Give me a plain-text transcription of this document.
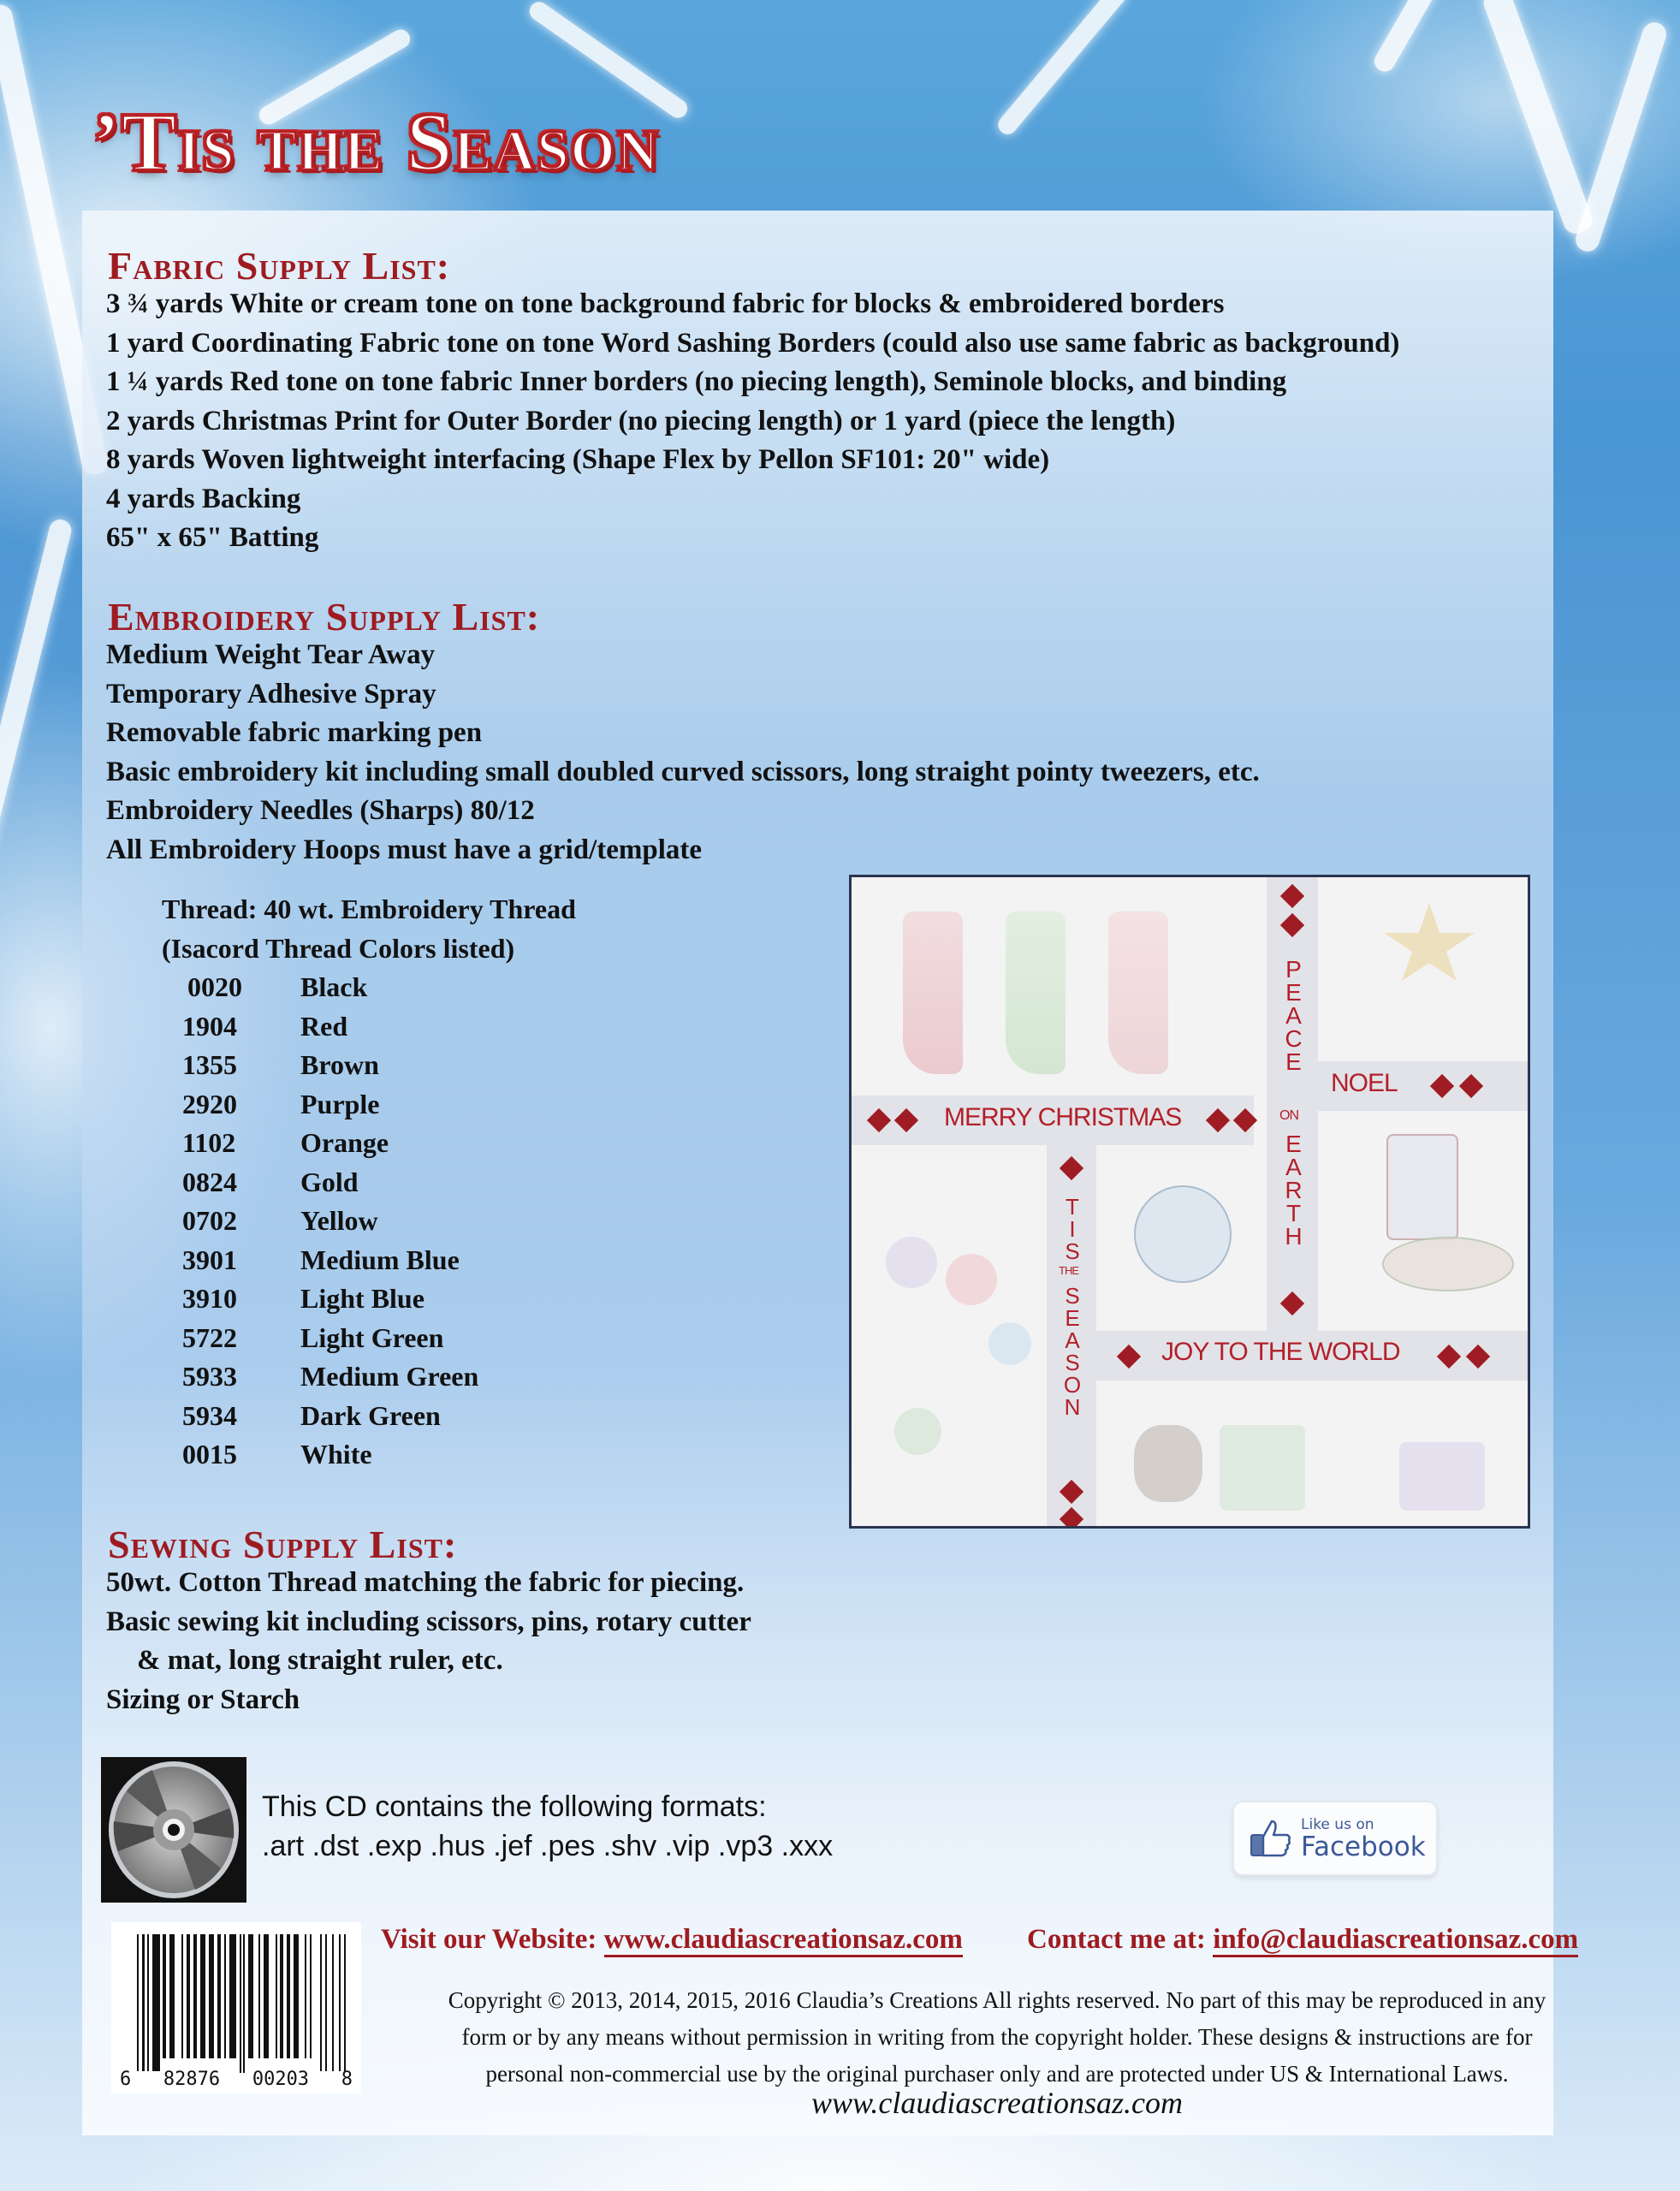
’Tis the Season
Fabric Supply List:
3 ¾ yards White or cream tone on tone background fabric for blocks & embroidered borders
1 yard Coordinating Fabric tone on tone Word Sashing Borders (could also use same fabric as background)
1 ¼ yards Red tone on tone fabric Inner borders (no piecing length), Seminole blocks, and binding
2 yards Christmas Print for Outer Border (no piecing length) or 1 yard (piece the length)
8 yards Woven lightweight interfacing (Shape Flex by Pellon SF101: 20" wide)
4 yards Backing
65" x 65" Batting
Embroidery Supply List:
Medium Weight Tear Away
Temporary Adhesive Spray
Removable fabric marking pen
Basic embroidery kit including small doubled curved scissors, long straight pointy tweezers, etc.
Embroidery Needles (Sharps) 80/12
All Embroidery Hoops must have a grid/template
Thread: 40 wt. Embroidery Thread
(Isacord Thread Colors listed)
0020	Black
1904	Red
1355	Brown
2920	Purple
1102	Orange
0824	Gold
0702	Yellow
3901	Medium Blue
3910	Light Blue
5722	Light Green
5933	Medium Green
5934	Dark Green
0015	White
MERRY CHRISTMAS
PEACE
ON
EARTH
NOEL
TIS
THE
SEASON	JOY TO THE WORLD
Sewing Supply List:
50wt. Cotton Thread matching the fabric for piecing.
Basic sewing kit including scissors, pins, rotary cutter
& mat, long straight ruler, etc.
Sizing or Starch
This CD contains the following formats:
.art .dst .exp .hus .jef .pes .shv .vip .vp3 .xxx
Like us on
Facebook
6 82876 00203 8
Visit our Website: www.claudiascreationsaz.com Contact me at: info@claudiascreationsaz.com
Copyright © 2013, 2014, 2015, 2016 Claudia’s Creations All rights reserved. No part of this may be reproduced in any
form or by any means without permission in writing from the copyright holder. These designs & instructions are for
personal non-commercial use by the original purchaser only and are protected under US & International Laws.
www.claudiascreationsaz.com
